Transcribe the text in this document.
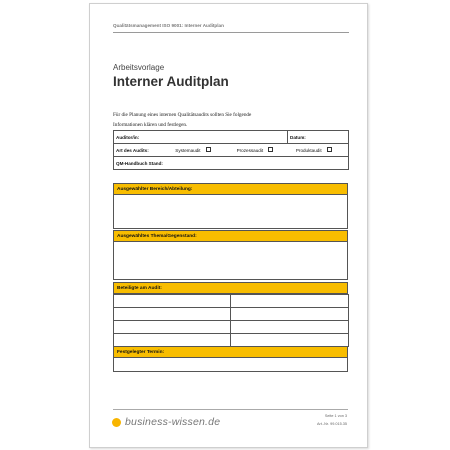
Qualitätsmanagement ISO 9001: Interner Auditplan
Arbeitsvorlage
Interner Auditplan
Für die Planung eines internen Qualitätsaudits sollten Sie folgende
Informationen klären und festlegen.
Auditor/in:	Datum:
Art des Audits:	Systemaudit	Prozessaudit	Produktaudit
QM-Handbuch Stand:
Ausgewählter Bereich/Abteilung:
Ausgewähltes Thema/Gegenstand:
Beteiligte am Audit:

Festgelegter Termin:
business-wissen.de	Seite 1 von 3
Art.-Nr. 99.015.35
